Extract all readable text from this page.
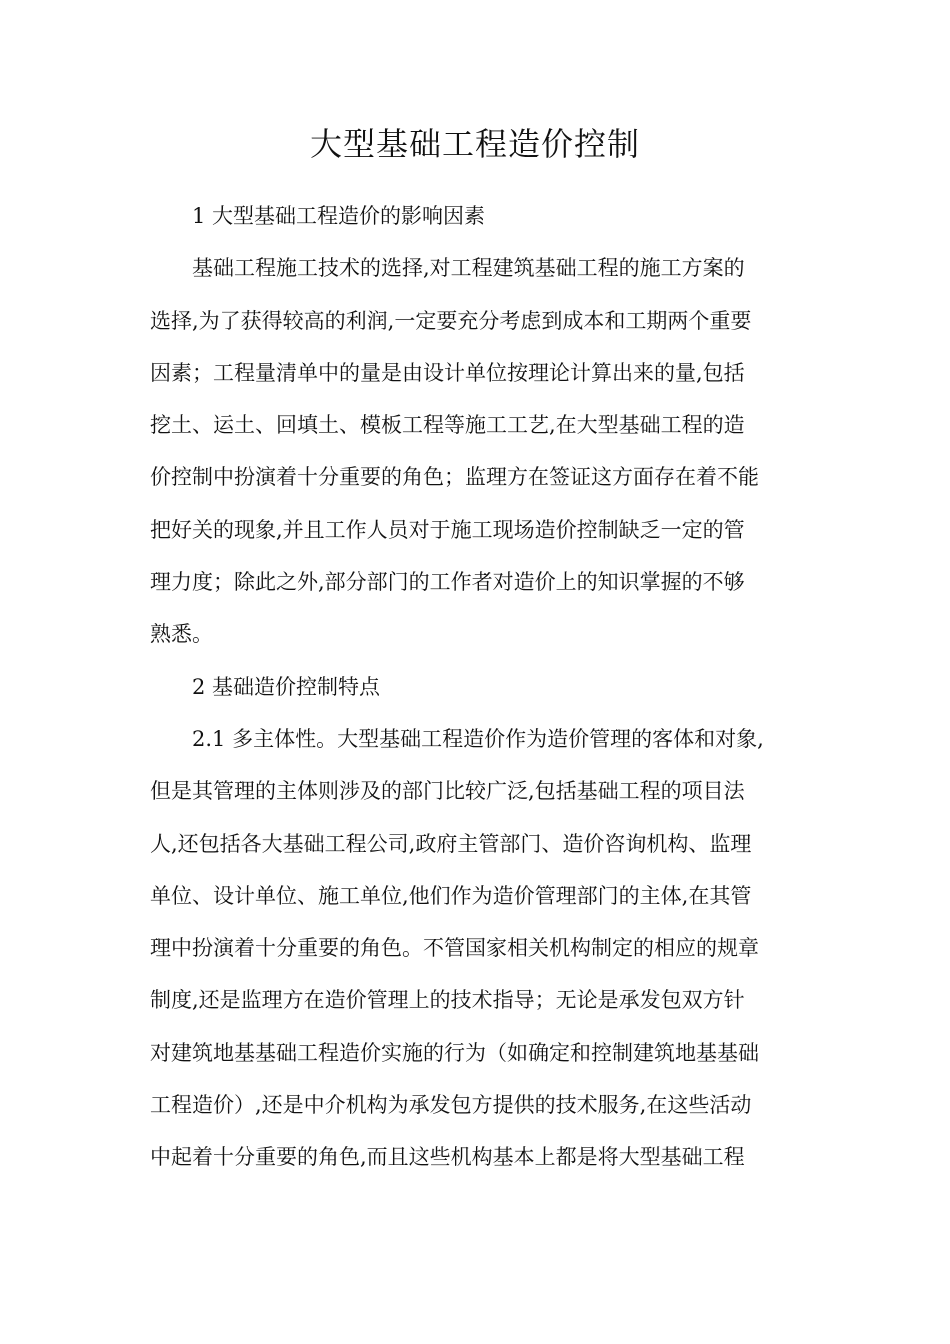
大型基础工程造价控制
1 大型基础工程造价的影响因素
基础工程施工技术的选择,对工程建筑基础工程的施工方案的
选择,为了获得较高的利润,一定要充分考虑到成本和工期两个重要
因素；工程量清单中的量是由设计单位按理论计算出来的量,包括
挖土、运土、回填土、模板工程等施工工艺,在大型基础工程的造
价控制中扮演着十分重要的角色；监理方在签证这方面存在着不能
把好关的现象,并且工作人员对于施工现场造价控制缺乏一定的管
理力度；除此之外,部分部门的工作者对造价上的知识掌握的不够
熟悉。
2 基础造价控制特点
2.1 多主体性。大型基础工程造价作为造价管理的客体和对象,
但是其管理的主体则涉及的部门比较广泛,包括基础工程的项目法
人,还包括各大基础工程公司,政府主管部门、造价咨询机构、监理
单位、设计单位、施工单位,他们作为造价管理部门的主体,在其管
理中扮演着十分重要的角色。不管国家相关机构制定的相应的规章
制度,还是监理方在造价管理上的技术指导；无论是承发包双方针
对建筑地基基础工程造价实施的行为（如确定和控制建筑地基基础
工程造价）,还是中介机构为承发包方提供的技术服务,在这些活动
中起着十分重要的角色,而且这些机构基本上都是将大型基础工程
